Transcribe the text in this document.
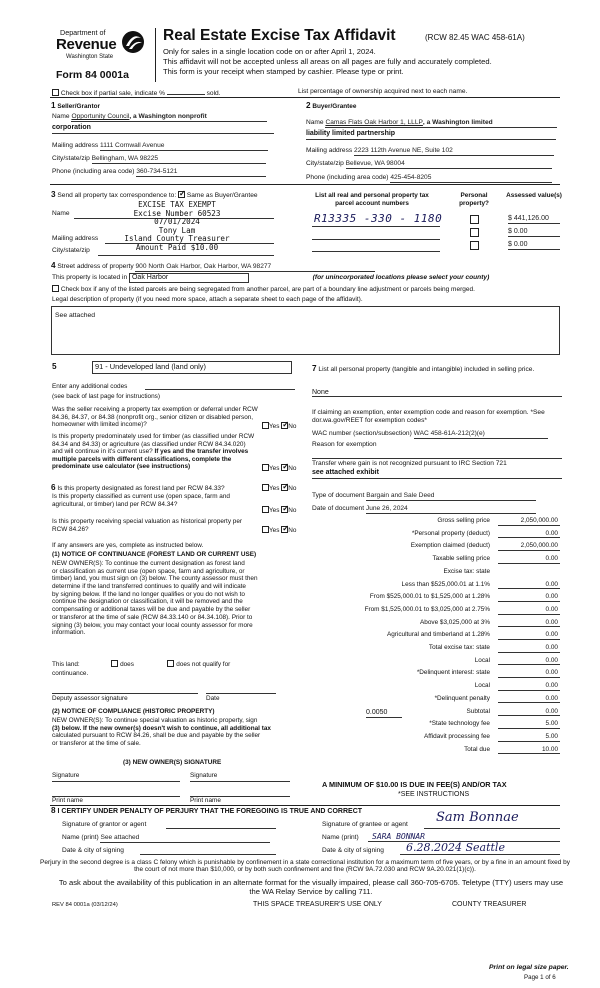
Department of
Revenue
Washington State
Form 84 0001a
Real Estate Excise Tax Affidavit	(RCW 82.45 WAC 458-61A)
Only for sales in a single location code on or after April 1, 2024.
This affidavit will not be accepted unless all areas on all pages are fully and accurately completed.
This form is your receipt when stamped by cashier. Please type or print.
Check box if partial sale, indicate %	sold.	List percentage of ownership acquired next to each name.
1 Seller/Grantor
Name Opportunity Council, a Washington nonprofit
corporation
Mailing address 1111 Cornwall Avenue
City/state/zip Bellingham, WA 98225
Phone (including area code) 360-734-5121
2 Buyer/Grantee
Name Camas Flats Oak Harbor 1, LLLP, a Washington limited
liability limited partnership
Mailing address 2223 112th Avenue NE, Suite 102
City/state/zip Bellevue, WA 98004
Phone (including area code) 425-454-8205
3 Send all property tax correspondence to: ✓ Same as Buyer/Grantee
Name
Mailing address
City/state/zip
EXCISE TAX EXEMPT
Excise Number 60523
07/01/2024
Tony Lam
Island County Treasurer
Amount Paid $10.00
List all real and personal property tax parcel account numbers
Personal property?
Assessed value(s)
R13335 -330 - 1180	$ 441,126.00
$ 0.00
$ 0.00
4 Street address of property 900 North Oak Harbor, Oak Harbor, WA 98277
This property is located in Oak Harbor	(for unincorporated locations please select your county)
Check box if any of the listed parcels are being segregated from another parcel, are part of a boundary line adjustment or parcels being merged.
Legal description of property (if you need more space, attach a separate sheet to each page of the affidavit).
See attached
5	91 - Undeveloped land (land only)
Enter any additional codes
(see back of last page for instructions)
Was the seller receiving a property tax exemption or deferral under RCW 84.36, 84.37, or 84.38 (nonprofit org., senior citizen or disabled person, homeowner with limited income)?	Yes ✓ No
Is this property predominately used for timber (as classified under RCW 84.34 and 84.33) or agriculture (as classified under RCW 84.34.020) and will continue in it's current use? If yes and the transfer involves multiple parcels with different classifications, complete the predominate use calculator (see instructions)	Yes ✓ No
6 Is this property designated as forest land per RCW 84.33?	Yes ✓ No
Is this property classified as current use (open space, farm and agricultural, or timber) land per RCW 84.34?
Yes ✓ No
Is this property receiving special valuation as historical property per RCW 84.26?	Yes ✓ No
If any answers are yes, complete as instructed below.
(1) NOTICE OF CONTINUANCE (FOREST LAND OR CURRENT USE)
NEW OWNER(S): To continue the current designation as forest land
or classification as current use (open space, farm and agriculture, or
timber) land, you must sign on (3) below. The county assessor must then
determine if the land transferred continues to qualify and will indicate
by signing below. If the land no longer qualifies or you do not wish to
continue the designation or classification, it will be removed and the
compensating or additional taxes will be due and payable by the seller
or transferor at the time of sale (RCW 84.33.140 or 84.34.108). Prior to
signing (3) below, you may contact your local county assessor for more
information.
This land:	does	does not qualify for
continuance.
Deputy assessor signature	Date
(2) NOTICE OF COMPLIANCE (HISTORIC PROPERTY)
NEW OWNER(S): To continue special valuation as historic property, sign
(3) below. If the new owner(s) doesn't wish to continue, all additional tax
calculated pursuant to RCW 84.26, shall be due and payable by the seller
or transferor at the time of sale.
(3) NEW OWNER(S) SIGNATURE
Signature	Signature
Print name	Print name
7 List all personal property (tangible and intangible) included in selling price.
None
If claiming an exemption, enter exemption code and reason for exemption. *See dor.wa.gov/REET for exemption codes*
WAC number (section/subsection) WAC 458-61A-212(2)(e)
Reason for exemption
Transfer where gain is not recognized pursuant to IRC Section 721
see attached exhibit
Type of document Bargain and Sale Deed
Date of document June 26, 2024
Gross selling price	2,050,000.00
*Personal property (deduct)	0.00
Exemption claimed (deduct)	2,050,000.00
Taxable selling price	0.00
Excise tax: state
Less than $525,000.01 at 1.1%	0.00
From $525,000.01 to $1,525,000 at 1.28%	0.00
From $1,525,000.01 to $3,025,000 at 2.75%	0.00
Above $3,025,000 at 3%	0.00
Agricultural and timberland at 1.28%	0.00
Total excise tax: state	0.00
Local	0.00
*Delinquent interest: state	0.00
Local	0.00
*Delinquent penalty	0.00
Subtotal	0.00
*State technology fee	5.00
Affidavit processing fee	5.00
Total due	10.00
0.0050
A MINIMUM OF $10.00 IS DUE IN FEE(S) AND/OR TAX
*SEE INSTRUCTIONS
8 I CERTIFY UNDER PENALTY OF PERJURY THAT THE FOREGOING IS TRUE AND CORRECT
Signature of grantor or agent
Name (print) See attached
Date & city of signing
Signature of grantee or agent Sam Bonnae
Name (print) SARA BONNAR
Date & city of signing 6.28.2024 Seattle
Perjury in the second degree is a class C felony which is punishable by confinement in a state correctional institution for a maximum term of five years, or by a fine in an amount fixed by the court of not more than $10,000, or by both such confinement and fine (RCW 9A.72.030 and RCW 9A.20.021(1)(c)).
To ask about the availability of this publication in an alternate format for the visually impaired, please call 360-705-6705. Teletype (TTY) users may use the WA Relay Service by calling 711.
REV 84 0001a (03/12/24)	THIS SPACE TREASURER'S USE ONLY	COUNTY TREASURER
Print on legal size paper.
Page 1 of 6
